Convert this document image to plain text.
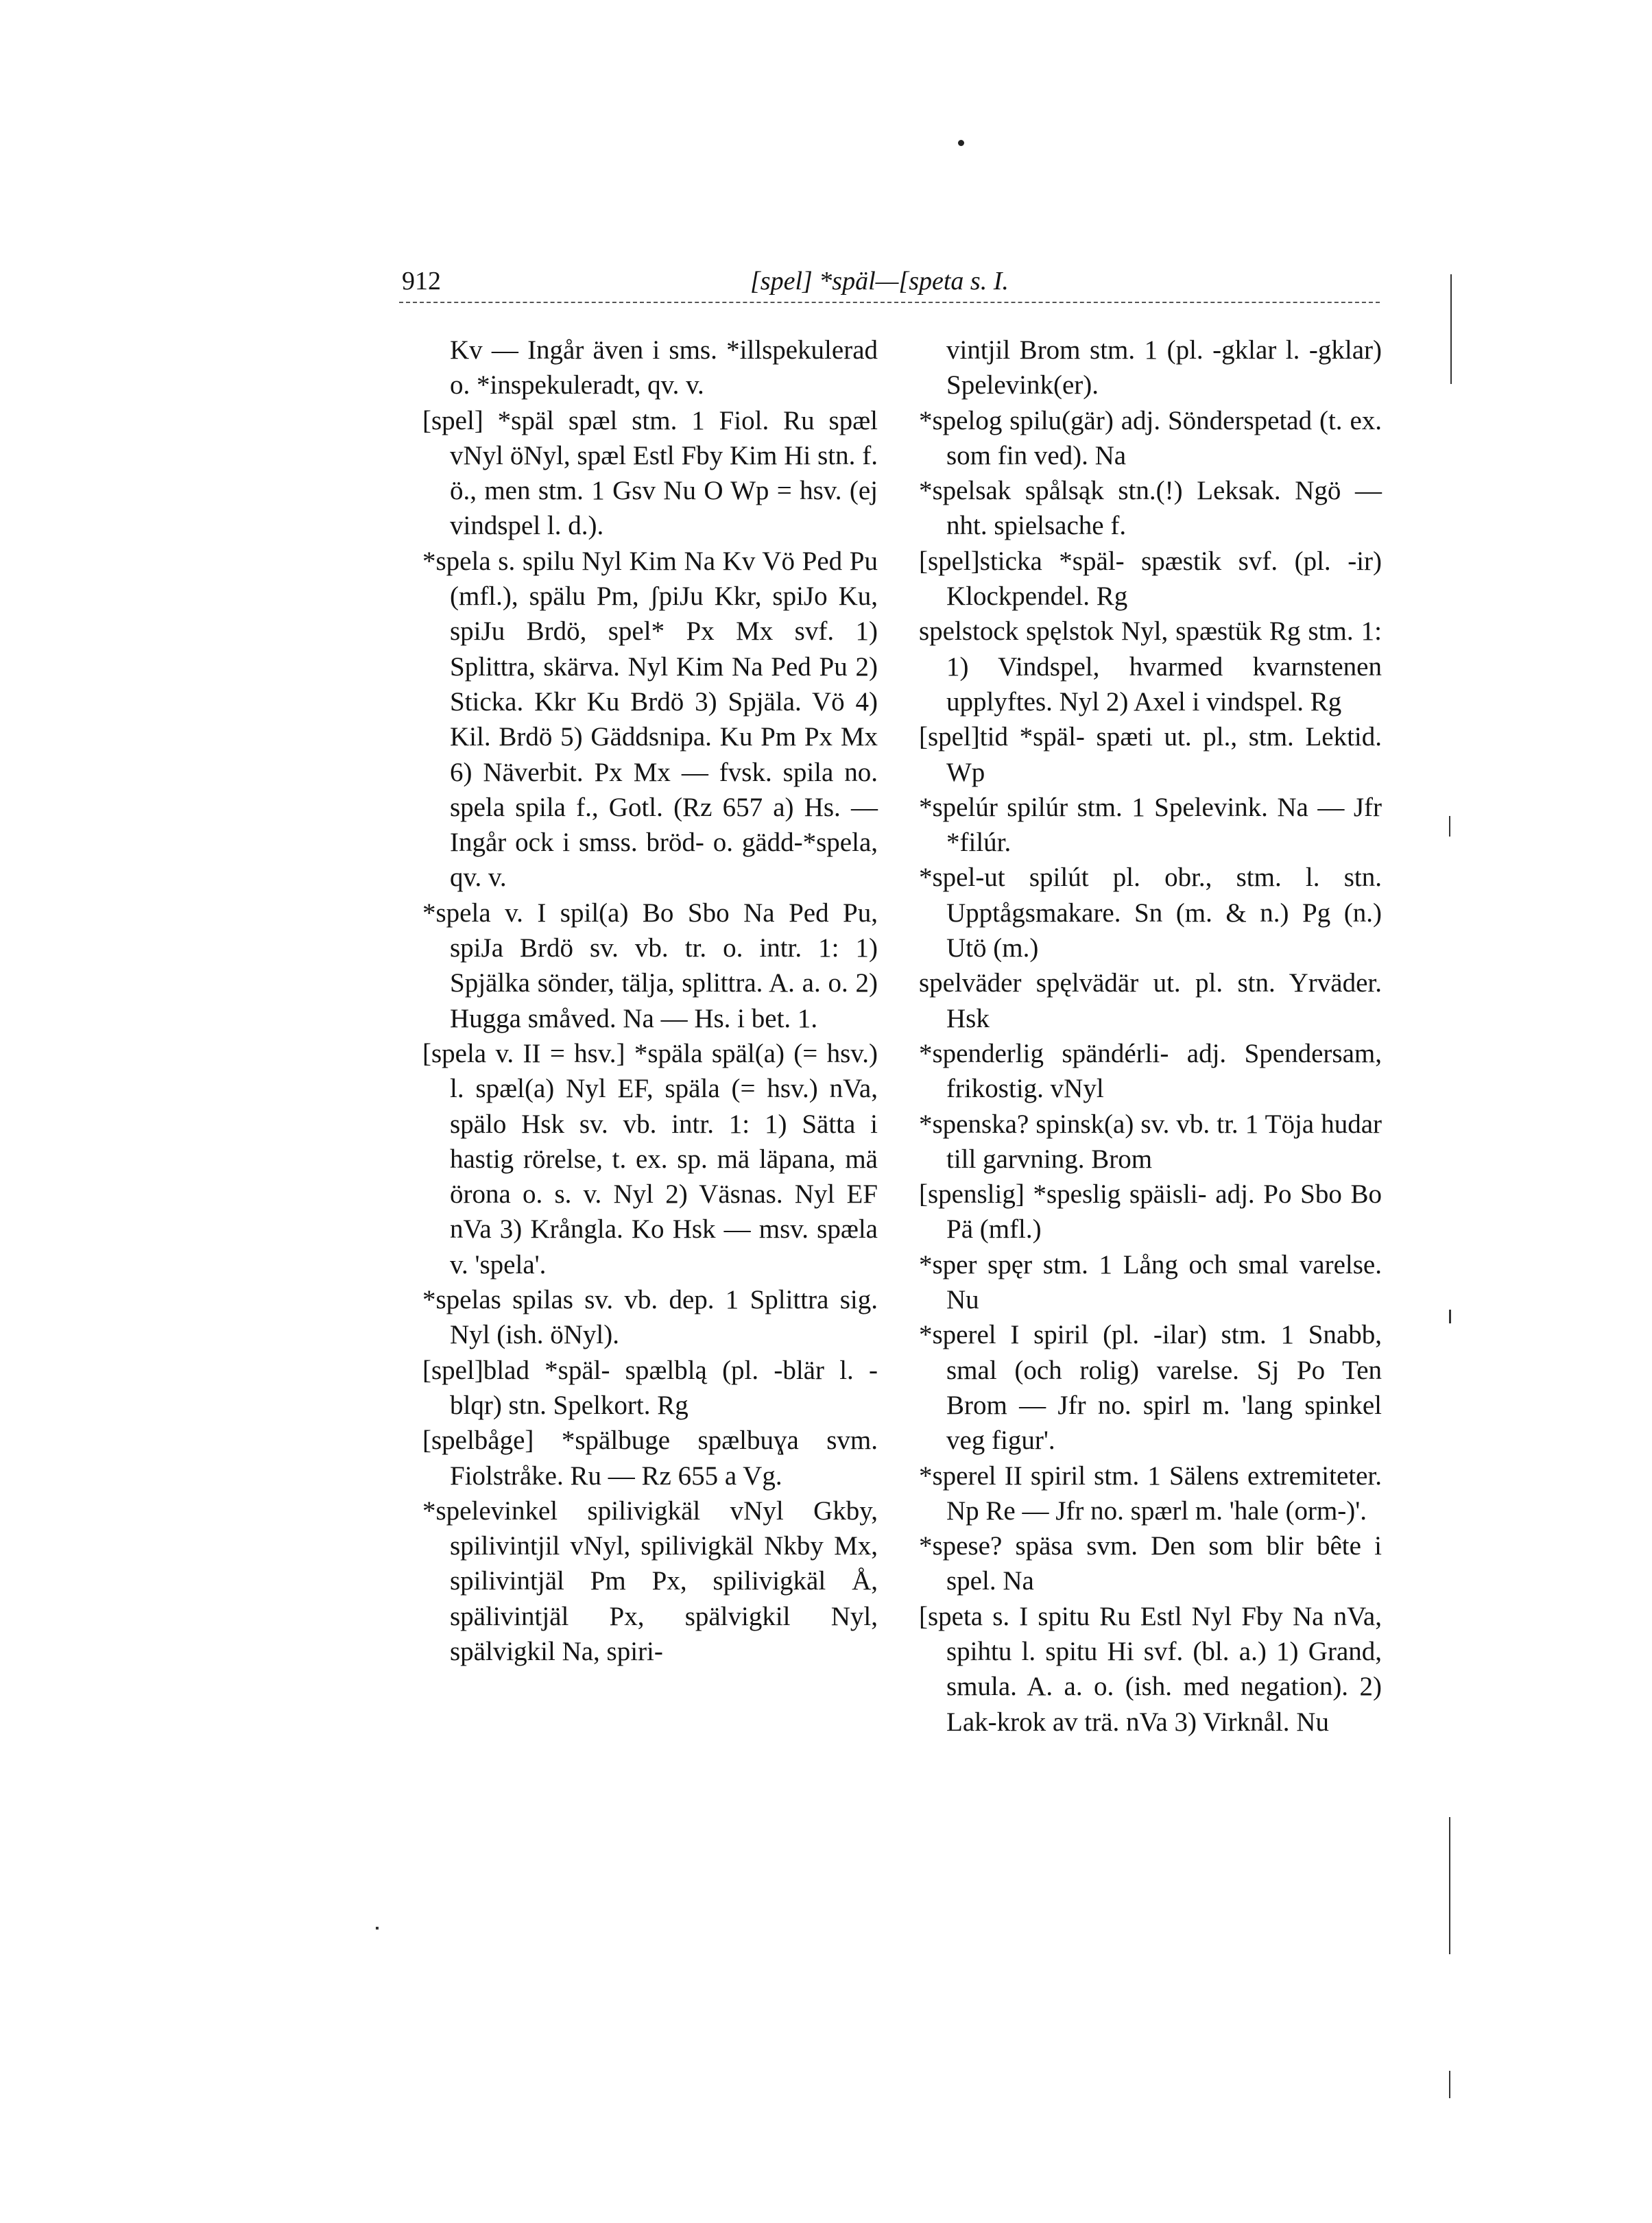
912	[spel] *späl—[speta s. I.
Kv — Ingår även i sms. *illspekulerad o. *inspekuleradt, qv. v.
[spel] *späl spæl stm. 1 Fiol. Ru spæl vNyl öNyl, spæl Estl Fby Kim Hi stn. f. ö., men stm. 1 Gsv Nu O Wp = hsv. (ej vindspel l. d.).
*spela s. spilu Nyl Kim Na Kv Vö Ped Pu (mfl.), spälu Pm, ʃpiJu Kkr, spiJo Ku, spiJu Brdö, spel* Px Mx svf. 1) Splittra, skärva. Nyl Kim Na Ped Pu 2) Sticka. Kkr Ku Brdö 3) Spjäla. Vö 4) Kil. Brdö 5) Gäddsnipa. Ku Pm Px Mx 6) Näverbit. Px Mx — fvsk. spila no. spela spila f., Gotl. (Rz 657 a) Hs. — Ingår ock i smss. bröd- o. gädd-*spela, qv. v.
*spela v. I spil(a) Bo Sbo Na Ped Pu, spiJa Brdö sv. vb. tr. o. intr. 1: 1) Spjälka sönder, tälja, splittra. A. a. o. 2) Hugga småved. Na — Hs. i bet. 1.
[spela v. II = hsv.] *späla späl(a) (= hsv.) l. spæl(a) Nyl EF, späla (= hsv.) nVa, spälo Hsk sv. vb. intr. 1: 1) Sätta i hastig rörelse, t. ex. sp. mä läpana, mä örona o. s. v. Nyl 2) Väsnas. Nyl EF nVa 3) Krångla. Ko Hsk — msv. spæla v. 'spela'.
*spelas spilas sv. vb. dep. 1 Splittra sig. Nyl (ish. öNyl).
[spel]blad *späl- spælblą (pl. -blär l. -blqr) stn. Spelkort. Rg
[spelbåge] *spälbuge spælbuɣa svm. Fiolstråke. Ru — Rz 655 a Vg.
*spelevinkel spilivigkäl vNyl Gkby, spilivintjil vNyl, spilivigkäl Nkby Mx, spilivintjäl Pm Px, spilivigkäl Å, spälivintjäl Px, spälvigkil Nyl, spälvigkil Na, spiri-
vintjil Brom stm. 1 (pl. -gklar l. -gklar) Spelevink(er).
*spelog spilu(gär) adj. Sönderspetad (t. ex. som fin ved). Na
*spelsak spålsąk stn.(!) Leksak. Ngö — nht. spielsache f.
[spel]sticka *späl- spæstik svf. (pl. -ir) Klockpendel. Rg
spelstock spęlstok Nyl, spæstük Rg stm. 1: 1) Vindspel, hvarmed kvarnstenen upplyftes. Nyl 2) Axel i vindspel. Rg
[spel]tid *späl- spæti ut. pl., stm. Lektid. Wp
*spelúr spilúr stm. 1 Spelevink. Na — Jfr *filúr.
*spel-ut spilút pl. obr., stm. l. stn. Upptågsmakare. Sn (m. & n.) Pg (n.) Utö (m.)
spelväder spęlvädär ut. pl. stn. Yrväder. Hsk
*spenderlig spändérli- adj. Spendersam, frikostig. vNyl
*spenska? spinsk(a) sv. vb. tr. 1 Töja hudar till garvning. Brom
[spenslig] *speslig späisli- adj. Po Sbo Bo Pä (mfl.)
*sper spęr stm. 1 Lång och smal varelse. Nu
*sperel I spiril (pl. -ilar) stm. 1 Snabb, smal (och rolig) varelse. Sj Po Ten Brom — Jfr no. spirl m. 'lang spinkel veg figur'.
*sperel II spiril stm. 1 Sälens extremiteter. Np Re — Jfr no. spærl m. 'hale (orm-)'.
*spese? späsa svm. Den som blir bête i spel. Na
[speta s. I spitu Ru Estl Nyl Fby Na nVa, spihtu l. spitu Hi svf. (bl. a.) 1) Grand, smula. A. a. o. (ish. med negation). 2) Lak-krok av trä. nVa 3) Virknål. Nu
